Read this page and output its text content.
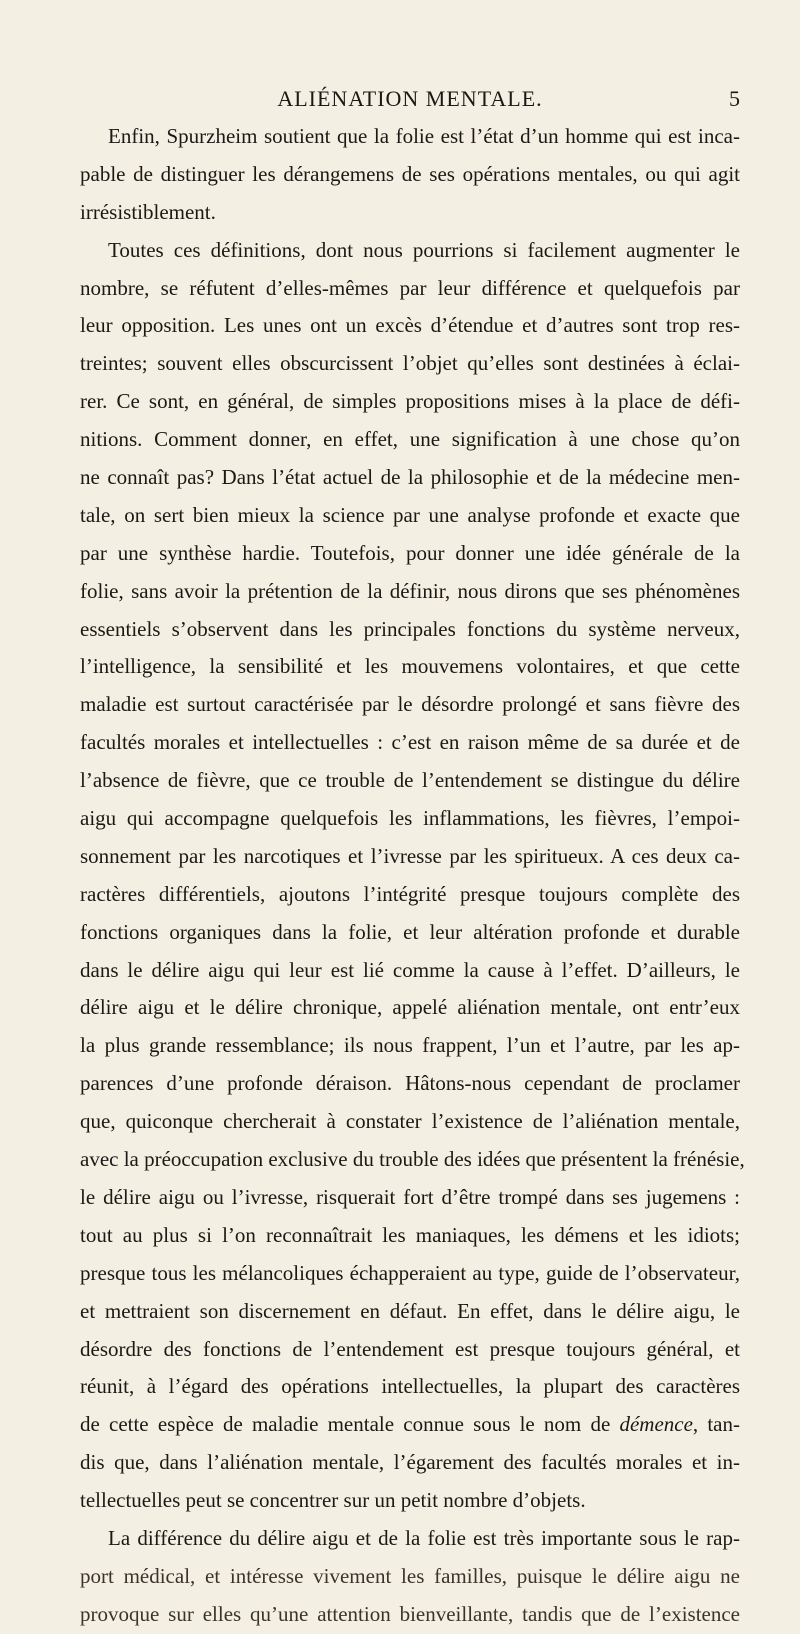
ALIÉNATION MENTALE.	5
Enfin, Spurzheim soutient que la folie est l’état d’un homme qui est inca-
pable de distinguer les dérangemens de ses opérations mentales, ou qui agit
irrésistiblement.
Toutes ces définitions, dont nous pourrions si facilement augmenter le
nombre, se réfutent d’elles-mêmes par leur différence et quelquefois par
leur opposition. Les unes ont un excès d’étendue et d’autres sont trop res-
treintes; souvent elles obscurcissent l’objet qu’elles sont destinées à éclai-
rer. Ce sont, en général, de simples propositions mises à la place de défi-
nitions. Comment donner, en effet, une signification à une chose qu’on
ne connaît pas? Dans l’état actuel de la philosophie et de la médecine men-
tale, on sert bien mieux la science par une analyse profonde et exacte que
par une synthèse hardie. Toutefois, pour donner une idée générale de la
folie, sans avoir la prétention de la définir, nous dirons que ses phénomènes
essentiels s’observent dans les principales fonctions du système nerveux,
l’intelligence, la sensibilité et les mouvemens volontaires, et que cette
maladie est surtout caractérisée par le désordre prolongé et sans fièvre des
facultés morales et intellectuelles : c’est en raison même de sa durée et de
l’absence de fièvre, que ce trouble de l’entendement se distingue du délire
aigu qui accompagne quelquefois les inflammations, les fièvres, l’empoi-
sonnement par les narcotiques et l’ivresse par les spiritueux. A ces deux ca-
ractères différentiels, ajoutons l’intégrité presque toujours complète des
fonctions organiques dans la folie, et leur altération profonde et durable
dans le délire aigu qui leur est lié comme la cause à l’effet. D’ailleurs, le
délire aigu et le délire chronique, appelé aliénation mentale, ont entr’eux
la plus grande ressemblance; ils nous frappent, l’un et l’autre, par les ap-
parences d’une profonde déraison. Hâtons-nous cependant de proclamer
que, quiconque chercherait à constater l’existence de l’aliénation mentale,
avec la préoccupation exclusive du trouble des idées que présentent la frénésie,
le délire aigu ou l’ivresse, risquerait fort d’être trompé dans ses jugemens :
tout au plus si l’on reconnaîtrait les maniaques, les démens et les idiots;
presque tous les mélancoliques échapperaient au type, guide de l’observateur,
et mettraient son discernement en défaut. En effet, dans le délire aigu, le
désordre des fonctions de l’entendement est presque toujours général, et
réunit, à l’égard des opérations intellectuelles, la plupart des caractères
de cette espèce de maladie mentale connue sous le nom de démence, tan-
dis que, dans l’aliénation mentale, l’égarement des facultés morales et in-
tellectuelles peut se concentrer sur un petit nombre d’objets.
La différence du délire aigu et de la folie est très importante sous le rap-
port médical, et intéresse vivement les familles, puisque le délire aigu ne
provoque sur elles qu’une attention bienveillante, tandis que de l’existence
